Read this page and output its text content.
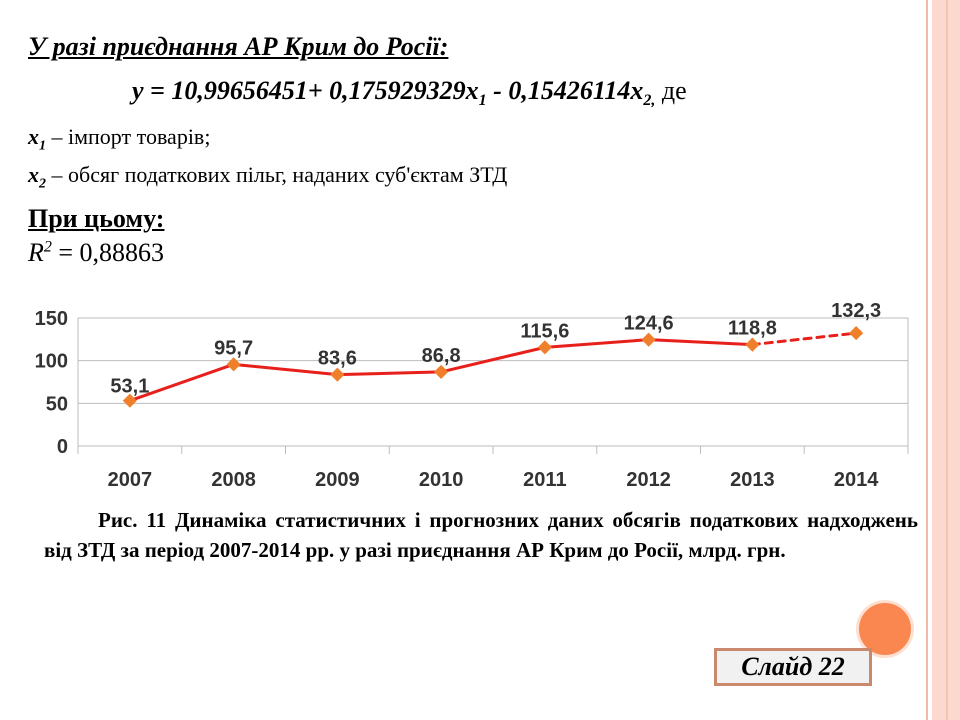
У разі приєднання АР Крим до Росії:
$y = 10,99656451+ 0,175929329x_1 - 0,15426114x_{2,}$ де
$x_1$ – імпорт товарів;
$x_2$ – обсяг податкових пільг, наданих суб'єктам ЗТД
При цьому:
$R^2 = 0,88863$
0
50
100
150
2007	2008	2009	2010	2011	2012	2013	2014
53,1
95,7	83,6	86,8
115,6	124,6	118,8
132,3
Рис. 11 Динаміка статистичних і прогнозних даних обсягів податкових надходжень від ЗТД за період 2007-2014 рр. у разі приєднання АР Крим до Росії, млрд. грн.
Слайд 22
